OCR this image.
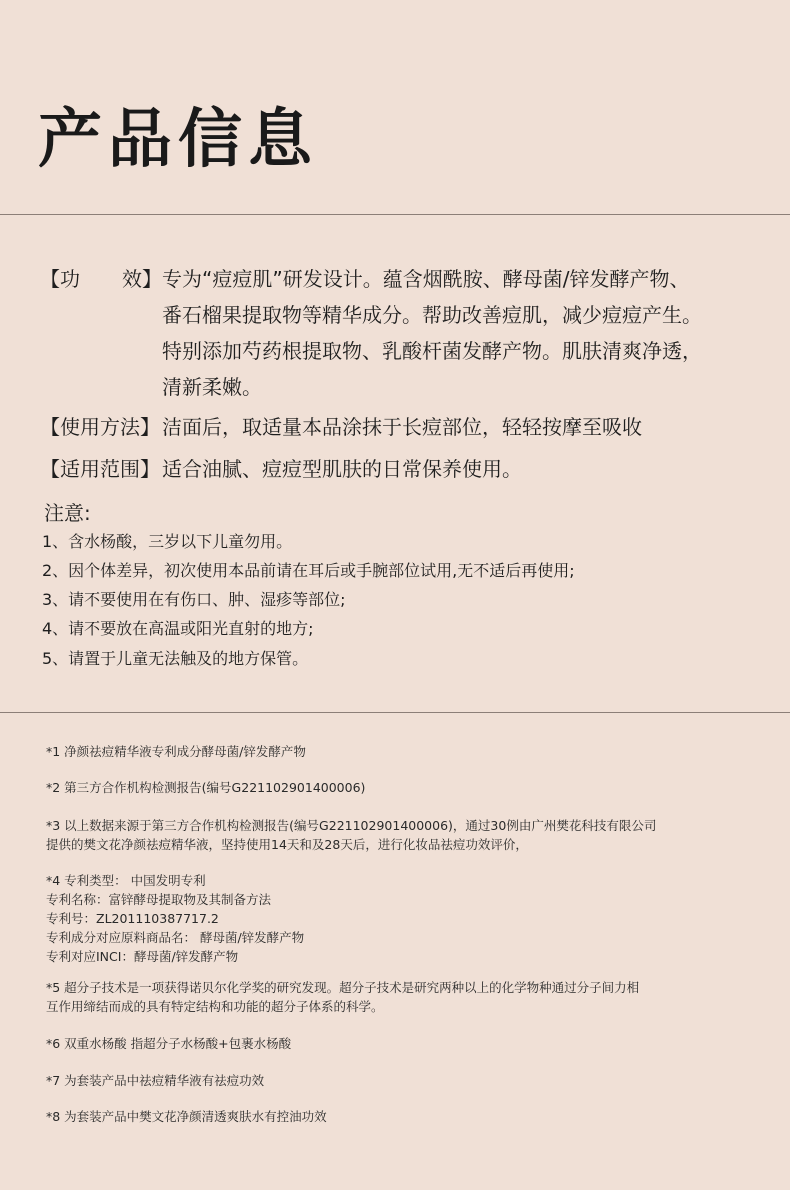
产品信息
【功 效】 专为“痘痘肌”研发设计。蕴含烟酰胺、酵母菌/锌发酵产物、
番石榴果提取物等精华成分。帮助改善痘肌，减少痘痘产生。
特别添加芍药根提取物、乳酸杆菌发酵产物。肌肤清爽净透，
清新柔嫩。
【使用方法】 洁面后，取适量本品涂抹于长痘部位，轻轻按摩至吸收
【适用范围】 适合油腻、痘痘型肌肤的日常保养使用。
注意:
1、含水杨酸，三岁以下儿童勿用。
2、因个体差异，初次使用本品前请在耳后或手腕部位试用,无不适后再使用;
3、请不要使用在有伤口、肿、湿疹等部位;
4、请不要放在高温或阳光直射的地方;
5、请置于儿童无法触及的地方保管。
*1 净颜祛痘精华液专利成分酵母菌/锌发酵产物
*2 第三方合作机构检测报告(编号G221102901400006)
*3 以上数据来源于第三方合作机构检测报告(编号G221102901400006)，通过30例由广州樊花科技有限公司
提供的樊文花净颜祛痘精华液，坚持使用14天和及28天后，进行化妆品祛痘功效评价，
*4 专利类型： 中国发明专利
专利名称：富锌酵母提取物及其制备方法
专利号：ZL201110387717.2
专利成分对应原料商品名： 酵母菌/锌发酵产物
专利对应INCI：酵母菌/锌发酵产物
*5 超分子技术是一项获得诺贝尔化学奖的研究发现。超分子技术是研究两种以上的化学物种通过分子间力相
互作用缔结而成的具有特定结构和功能的超分子体系的科学。
*6 双重水杨酸 指超分子水杨酸+包裹水杨酸
*7 为套装产品中祛痘精华液有祛痘功效
*8 为套装产品中樊文花净颜清透爽肤水有控油功效
